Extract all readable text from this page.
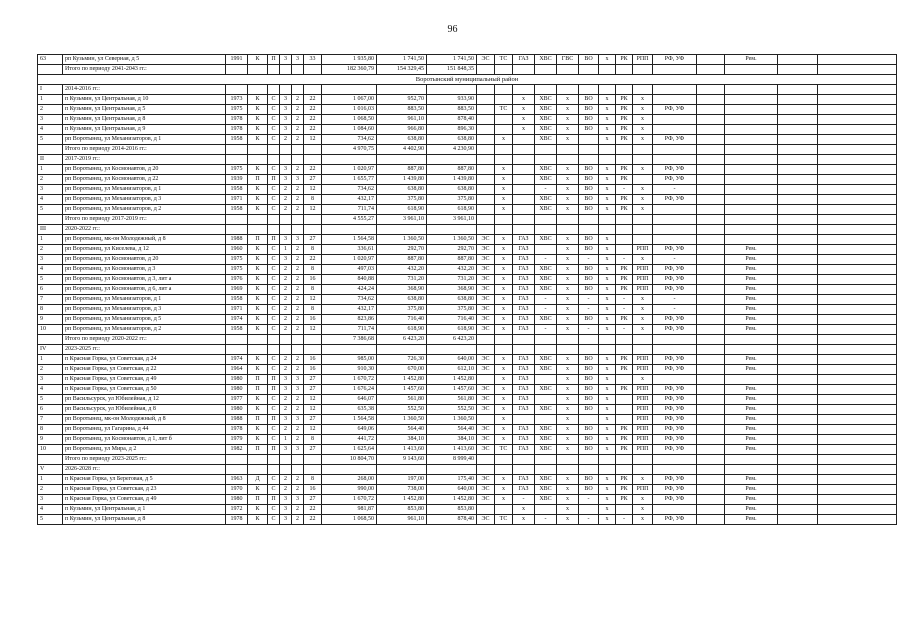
96
63	рп Кузьмин, ул Северная, д 5	1991	К	П	3	3	33	1 935,80	1 741,50	1 741,50	ЭС	ТС	ГАЗ	ХВС	ГВС	ВО	х	РК	РПП	РФ, УФ		Рем.		
	Итого по периоду 2041-2043 гг.:							182 360,79	154 329,45	151 848,35														
Воротынский муниципальный район																								
I	2014-2016 гг.:																							
1	п Кузьмин, ул Центральная, д 10	1973	К	С	3	2	22	1 067,00	952,70	933,90			х	ХВС	х	ВО	х	РК	х					
2	п Кузьмин, ул Центральная, д 5	1975	К	С	3	2	22	1 016,03	883,50	883,50		ТС	х	ХВС	х	ВО	х	РК	х	РФ, УФ				
3	п Кузьмин, ул Центральная, д 8	1978	К	С	3	2	22	1 068,50	961,10	878,40			х	ХВС	х	ВО	х	РК	х					
4	п Кузьмин, ул Центральная, д 9	1978	К	С	3	2	22	1 084,60	966,80	896,30			х	ХВС	х	ВО	х	РК	х					
5	рп Воротынец, ул Механизаторов, д 1	1958	К	С	2	2	12	734,62	638,80	638,80		х		ХВС	х		х	РК	х	РФ, УФ				
	Итого по периоду 2014-2016 гг.:							4 970,75	4 402,90	4 230,90														
II	2017-2019 гг.:																							
1	рп Воротынец, ул Космонавтов, д 20	1975	К	С	3	2	22	1 020,97	887,80	887,80		х		ХВС	х	ВО	х	РК	х	РФ, УФ				
2	рп Воротынец, ул Космонавтов, д 22	1939	П	П	3	3	27	1 655,77	1 439,80	1 439,80		х		ХВС	х	ВО	х	РК		РФ, УФ				
3	рп Воротынец, ул Механизаторов, д 1	1958	К	С	2	2	12	734,62	638,80	638,80		х		-	х	ВО	х	-	х	-				
4	рп Воротынец, ул Механизаторов, д 3	1971	К	С	2	2	8	432,17	375,80	375,80		х		ХВС	х	ВО	х	РК	х	РФ, УФ				
5	рп Воротынец, ул Механизаторов, д 2	1958	К	С	2	2	12	711,74	618,90	618,90		х		ХВС	х	ВО	х	РК	х					
	Итого по периоду 2017-2019 гг.:							4 555,27	3 961,10	3 961,10														
III	2020-2022 гг.:																							
1	рп Воротынец, мк-он Молодежный, д 8	1988	П	П	3	3	27	1 564,58	1 360,50	1 360,50	ЭС	х	ГАЗ	ХВС	х	ВО	х							
2	рп Воротынец, ул Киселева, д 12	1960	К	С	1	2	8	336,61	292,70	292,70	ЭС	х	ГАЗ		х	ВО	х		РПП	РФ, УФ		Рем.		
3	рп Воротынец, ул Космонавтов, д 20	1975	К	С	3	2	22	1 020,97	887,80	887,80	ЭС	х	ГАЗ	-	х	-	х	-	х	-		Рем.		
4	рп Воротынец, ул Космонавтов, д 3	1975	К	С	2	2	8	497,03	432,20	432,20	ЭС	х	ГАЗ	ХВС	х	ВО	х	РК	РПП	РФ, УФ		Рем.		
5	рп Воротынец, ул Космонавтов, д 3, лит а	1976	К	С	2	2	16	840,88	731,20	731,20	ЭС	х	ГАЗ	ХВС	х	ВО	х	РК	РПП	РФ, УФ		Рем.		
6	рп Воротынец, ул Космонавтов, д 6, лит а	1969	К	С	2	2	8	424,24	368,90	368,90	ЭС	х	ГАЗ	ХВС	х	ВО	х	РК	РПП	РФ, УФ		Рем.		
7	рп Воротынец, ул Механизаторов, д 1	1958	К	С	2	2	12	734,62	638,80	638,80	ЭС	х	ГАЗ	-	х	-	х	-	х	-		Рем.		
8	рп Воротынец, ул Механизаторов, д 3	1971	К	С	2	2	8	432,17	375,80	375,80	ЭС	х	ГАЗ	-	х	-	х	-	х	-		Рем.		
9	рп Воротынец, ул Механизаторов, д 5	1974	К	С	2	2	16	823,86	716,40	716,40	ЭС	х	ГАЗ	ХВС	х	ВО	х	РК	х	РФ, УФ		Рем.		
10	рп Воротынец, ул Механизаторов, д 2	1958	К	С	2	2	12	711,74	618,90	618,90	ЭС	х	ГАЗ	-	х	-	х	-	х	РФ, УФ		Рем.		
	Итого по периоду 2020-2022 гг.:							7 386,68	6 423,20	6 423,20														
IV	2023-2025 гг.:																							
1	п Красная Горка, ул Советская, д 24	1974	К	С	2	2	16	985,00	726,30	640,00	ЭС	х	ГАЗ	ХВС	х	ВО	х	РК	РПП	РФ, УФ		Рем.		
2	п Красная Горка, ул Советская, д 22	1964	К	С	2	2	16	910,30	670,00	612,10	ЭС	х	ГАЗ	ХВС	х	ВО	х	РК	РПП	РФ, УФ		Рем.		
3	п Красная Горка, ул Советская, д 49	1980	П	П	3	3	27	1 670,72	1 452,80	1 452,80		х	ГАЗ		х	ВО	х		х					
4	п Красная Горка, ул Советская, д 50	1980	П	П	3	3	27	1 676,24	1 457,60	1 457,60	ЭС	х	ГАЗ	ХВС	х	ВО	х	РК	РПП	РФ, УФ		Рем.		
5	рп Васильсурск, ул Юбилейная, д 12	1977	К	С	2	2	12	646,07	561,80	561,80	ЭС	х	ГАЗ		х	ВО	х		РПП	РФ, УФ		Рем.		
6	рп Васильсурск, ул Юбилейная, д 8	1980	К	С	2	2	12	635,38	552,50	552,50	ЭС	х	ГАЗ	ХВС	х	ВО	х		РПП	РФ, УФ		Рем.		
7	рп Воротынец, мк-он Молодежный, д 8	1988	П	П	3	3	27	1 564,58	1 360,50	1 360,50		х			х		х		РПП	РФ, УФ		Рем.		
8	рп Воротынец, ул Гагарина, д 44	1978	К	С	2	2	12	649,06	564,40	564,40	ЭС	х	ГАЗ	ХВС	х	ВО	х	РК	РПП	РФ, УФ		Рем.		
9	рп Воротынец, ул Космонавтов, д 1, лит б	1979	К	С	1	2	8	441,72	384,10	384,10	ЭС	х	ГАЗ	ХВС	х	ВО	х	РК	РПП	РФ, УФ		Рем.		
10	рп Воротынец, ул Мира, д 2	1982	П	П	3	3	27	1 625,64	1 413,60	1 413,60	ЭС	ТС	ГАЗ	ХВС	х	ВО	х	РК	РПП	РФ, УФ		Рем.		
	Итого по периоду 2023-2025 гг.:							10 804,70	9 143,60	8 999,40														
V	2026-2028 гг.:																							
1	п Красная Горка, ул Береговая, д 5	1963	Д	С	2	2	8	268,00	197,00	175,40	ЭС	х	ГАЗ	ХВС	х	ВО	х	РК	х	РФ, УФ		Рем.		
2	п Красная Горка, ул Советская, д 23	1970	К	С	2	2	16	990,00	738,00	640,00	ЭС	х	ГАЗ	ХВС	х	ВО	х	РК	РПП	РФ, УФ		Рем.		
3	п Красная Горка, ул Советская, д 49	1980	П	П	3	3	27	1 670,72	1 452,80	1 452,80	ЭС	х	-	ХВС	х	-	х	РК	х	РФ, УФ		Рем.		
4	п Кузьмин, ул Центральная, д 1	1972	К	С	3	2	22	981,87	853,80	853,80			х		х		х		х			Рем.		
5	п Кузьмин, ул Центральная, д 8	1978	К	С	3	2	22	1 068,50	961,10	878,40	ЭС	ТС	х	-	х	-	х	-	х	РФ, УФ		Рем.		
